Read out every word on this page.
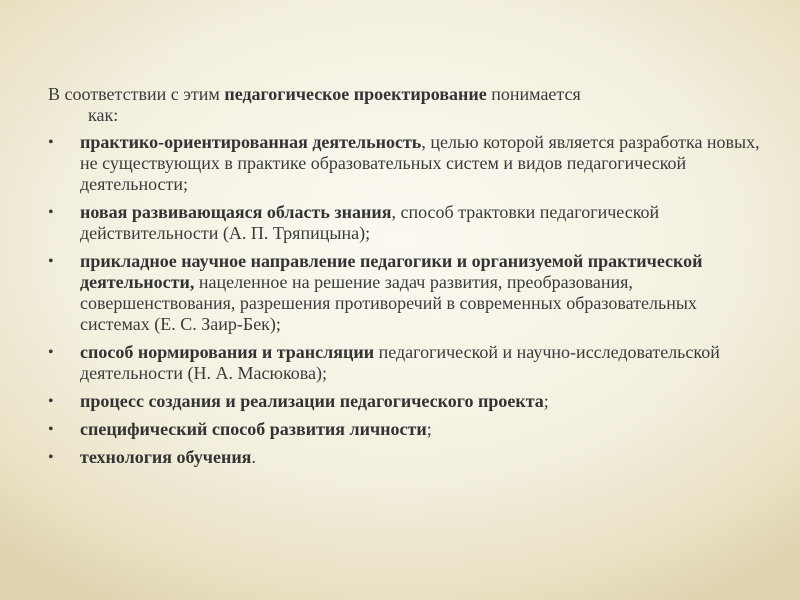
В соответствии с этим педагогическое проектирование понимается
как:

• практико-ориентированная деятельность, целью которой является разработка новых, не существующих в практике образовательных систем и видов педагогической деятельности;
• новая развивающаяся область знания, способ трактовки педагогической действительности (А. П. Тряпицына);
• прикладное научное направление педагогики и организуемой практической деятельности, нацеленное на решение задач развития, преобразования, совершенствования, разрешения противоречий в современных образовательных системах (Е. С. Заир-Бек);
• способ нормирования и трансляции педагогической и научно-исследовательской деятельности (Н. А. Масюкова);
• процесс создания и реализации педагогического проекта;
• специфический способ развития личности;
• технология обучения.
